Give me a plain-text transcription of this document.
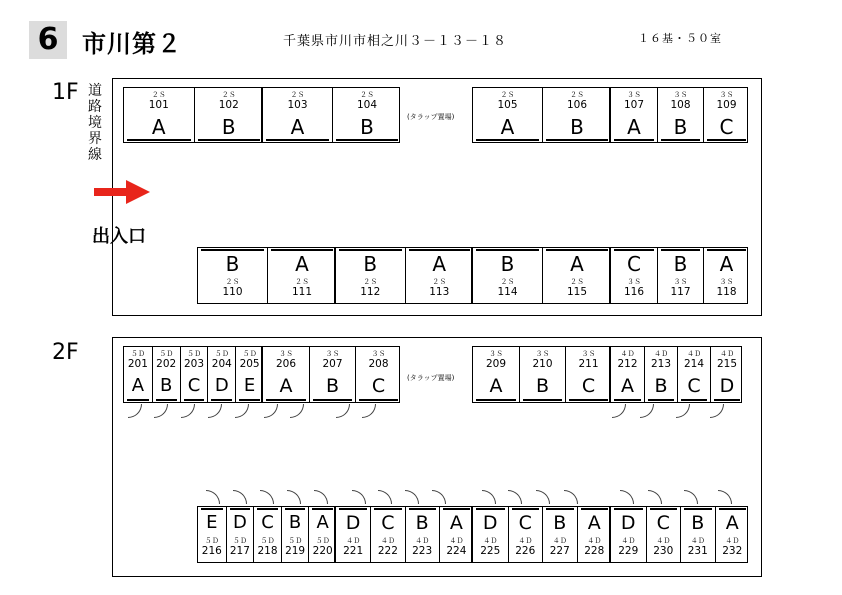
6 市川第２	千葉県市川市相之川３－１３－１８	１６基・５０室
1F 道路境界線
出入口
(タラップ置場)
２Ｓ
101
A
２Ｓ
102
B
２Ｓ
103
A
２Ｓ
104
B
２Ｓ
105
A
２Ｓ
106
B
３Ｓ
107
A
３Ｓ
108
B
３Ｓ
109
C
２Ｓ
110
B
２Ｓ
111
A
２Ｓ
112
B
２Ｓ
113
A
２Ｓ
114
B
２Ｓ
115
A
３Ｓ
116
C
３Ｓ
117
B
３Ｓ
118
A
2F
(タラップ置場)
５Ｄ
201
A
５Ｄ
202
B
５Ｄ
203
C
５Ｄ
204
D
５Ｄ
205
E
３Ｓ
206
A
３Ｓ
207
B
３Ｓ
208
C
３Ｓ
209
A
３Ｓ
210
B
３Ｓ
211
C
４Ｄ
212
A
４Ｄ
213
B
４Ｄ
214
C
４Ｄ
215
D
５Ｄ
216
E
５Ｄ
217
D
５Ｄ
218
C
５Ｄ
219
B
５Ｄ
220
A
４Ｄ
221
D
４Ｄ
222
C
４Ｄ
223
B
４Ｄ
224
A
４Ｄ
225
D
４Ｄ
226
C
４Ｄ
227
B
４Ｄ
228
A
４Ｄ
229
D
４Ｄ
230
C
４Ｄ
231
B
４Ｄ
232
A
